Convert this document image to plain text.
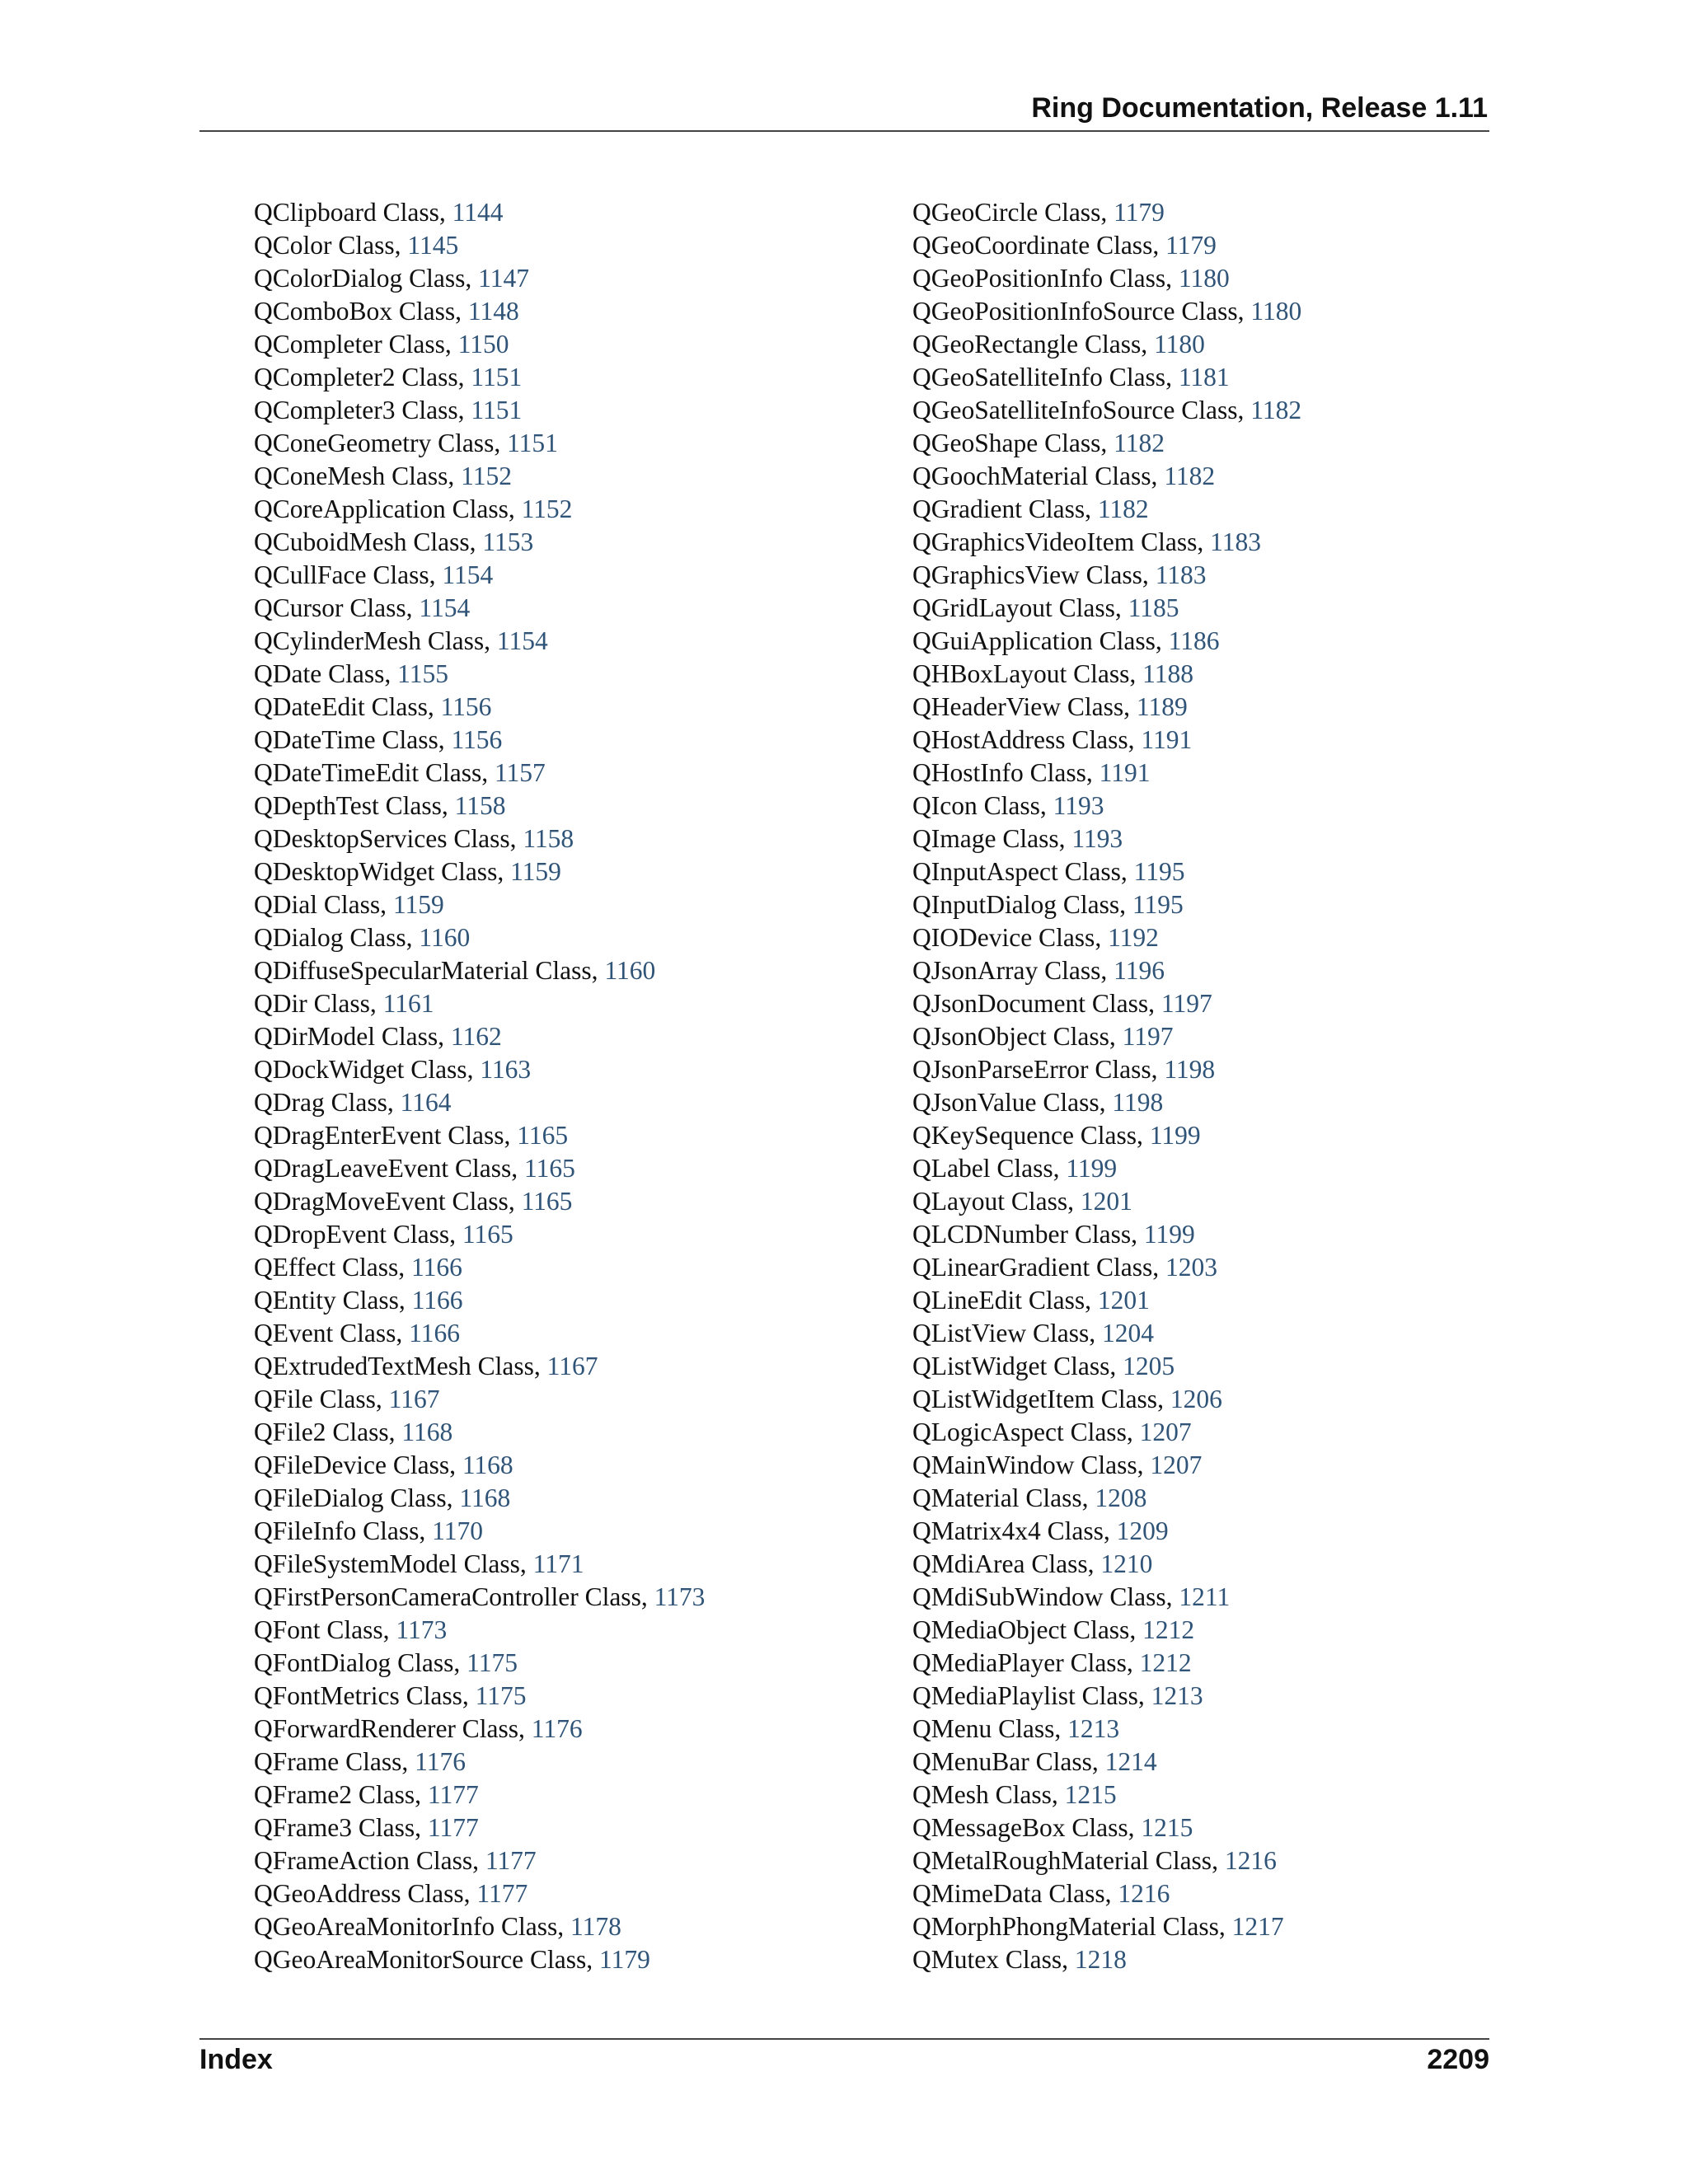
Ring Documentation, Release 1.11
QClipboard Class, 1144
QColor Class, 1145
QColorDialog Class, 1147
QComboBox Class, 1148
QCompleter Class, 1150
QCompleter2 Class, 1151
QCompleter3 Class, 1151
QConeGeometry Class, 1151
QConeMesh Class, 1152
QCoreApplication Class, 1152
QCuboidMesh Class, 1153
QCullFace Class, 1154
QCursor Class, 1154
QCylinderMesh Class, 1154
QDate Class, 1155
QDateEdit Class, 1156
QDateTime Class, 1156
QDateTimeEdit Class, 1157
QDepthTest Class, 1158
QDesktopServices Class, 1158
QDesktopWidget Class, 1159
QDial Class, 1159
QDialog Class, 1160
QDiffuseSpecularMaterial Class, 1160
QDir Class, 1161
QDirModel Class, 1162
QDockWidget Class, 1163
QDrag Class, 1164
QDragEnterEvent Class, 1165
QDragLeaveEvent Class, 1165
QDragMoveEvent Class, 1165
QDropEvent Class, 1165
QEffect Class, 1166
QEntity Class, 1166
QEvent Class, 1166
QExtrudedTextMesh Class, 1167
QFile Class, 1167
QFile2 Class, 1168
QFileDevice Class, 1168
QFileDialog Class, 1168
QFileInfo Class, 1170
QFileSystemModel Class, 1171
QFirstPersonCameraController Class, 1173
QFont Class, 1173
QFontDialog Class, 1175
QFontMetrics Class, 1175
QForwardRenderer Class, 1176
QFrame Class, 1176
QFrame2 Class, 1177
QFrame3 Class, 1177
QFrameAction Class, 1177
QGeoAddress Class, 1177
QGeoAreaMonitorInfo Class, 1178
QGeoAreaMonitorSource Class, 1179
QGeoCircle Class, 1179
QGeoCoordinate Class, 1179
QGeoPositionInfo Class, 1180
QGeoPositionInfoSource Class, 1180
QGeoRectangle Class, 1180
QGeoSatelliteInfo Class, 1181
QGeoSatelliteInfoSource Class, 1182
QGeoShape Class, 1182
QGoochMaterial Class, 1182
QGradient Class, 1182
QGraphicsVideoItem Class, 1183
QGraphicsView Class, 1183
QGridLayout Class, 1185
QGuiApplication Class, 1186
QHBoxLayout Class, 1188
QHeaderView Class, 1189
QHostAddress Class, 1191
QHostInfo Class, 1191
QIcon Class, 1193
QImage Class, 1193
QInputAspect Class, 1195
QInputDialog Class, 1195
QIODevice Class, 1192
QJsonArray Class, 1196
QJsonDocument Class, 1197
QJsonObject Class, 1197
QJsonParseError Class, 1198
QJsonValue Class, 1198
QKeySequence Class, 1199
QLabel Class, 1199
QLayout Class, 1201
QLCDNumber Class, 1199
QLinearGradient Class, 1203
QLineEdit Class, 1201
QListView Class, 1204
QListWidget Class, 1205
QListWidgetItem Class, 1206
QLogicAspect Class, 1207
QMainWindow Class, 1207
QMaterial Class, 1208
QMatrix4x4 Class, 1209
QMdiArea Class, 1210
QMdiSubWindow Class, 1211
QMediaObject Class, 1212
QMediaPlayer Class, 1212
QMediaPlaylist Class, 1213
QMenu Class, 1213
QMenuBar Class, 1214
QMesh Class, 1215
QMessageBox Class, 1215
QMetalRoughMaterial Class, 1216
QMimeData Class, 1216
QMorphPhongMaterial Class, 1217
QMutex Class, 1218
Index	2209
